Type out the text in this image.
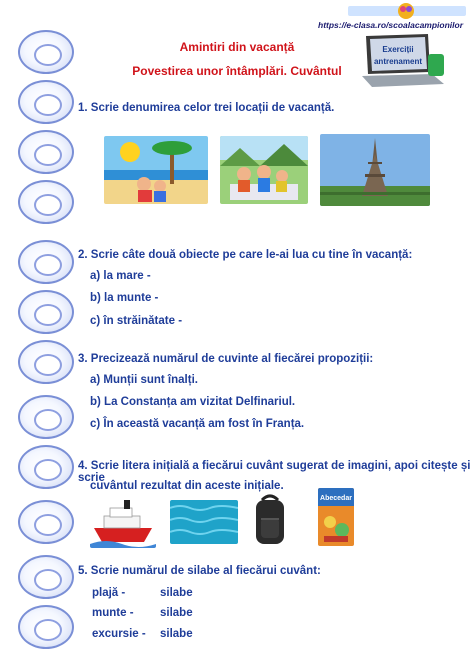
https://e-clasa.ro/scoalacampionilor
Exerciții
antrenament
Amintiri din vacanță
Povestirea unor întâmplări. Cuvântul
1. Scrie denumirea celor trei locații de vacanță.
2. Scrie câte două obiecte pe care le-ai lua cu tine în vacanță:
a) la mare -
b) la munte -
c) în străinătate -
3. Precizează numărul de cuvinte al fiecărei propoziții:
a) Munții sunt înalți.
b) La Constanța am vizitat Delfinariul.
c) În această vacanță am fost în Franța.
4. Scrie litera inițială a fiecărui cuvânt sugerat de imagini, apoi citește și scrie
cuvântul rezultat din aceste inițiale.
Abecedar
5. Scrie numărul de silabe al fiecărui cuvânt:
plajă -	silabe
munte - silabe
excursie - silabe
